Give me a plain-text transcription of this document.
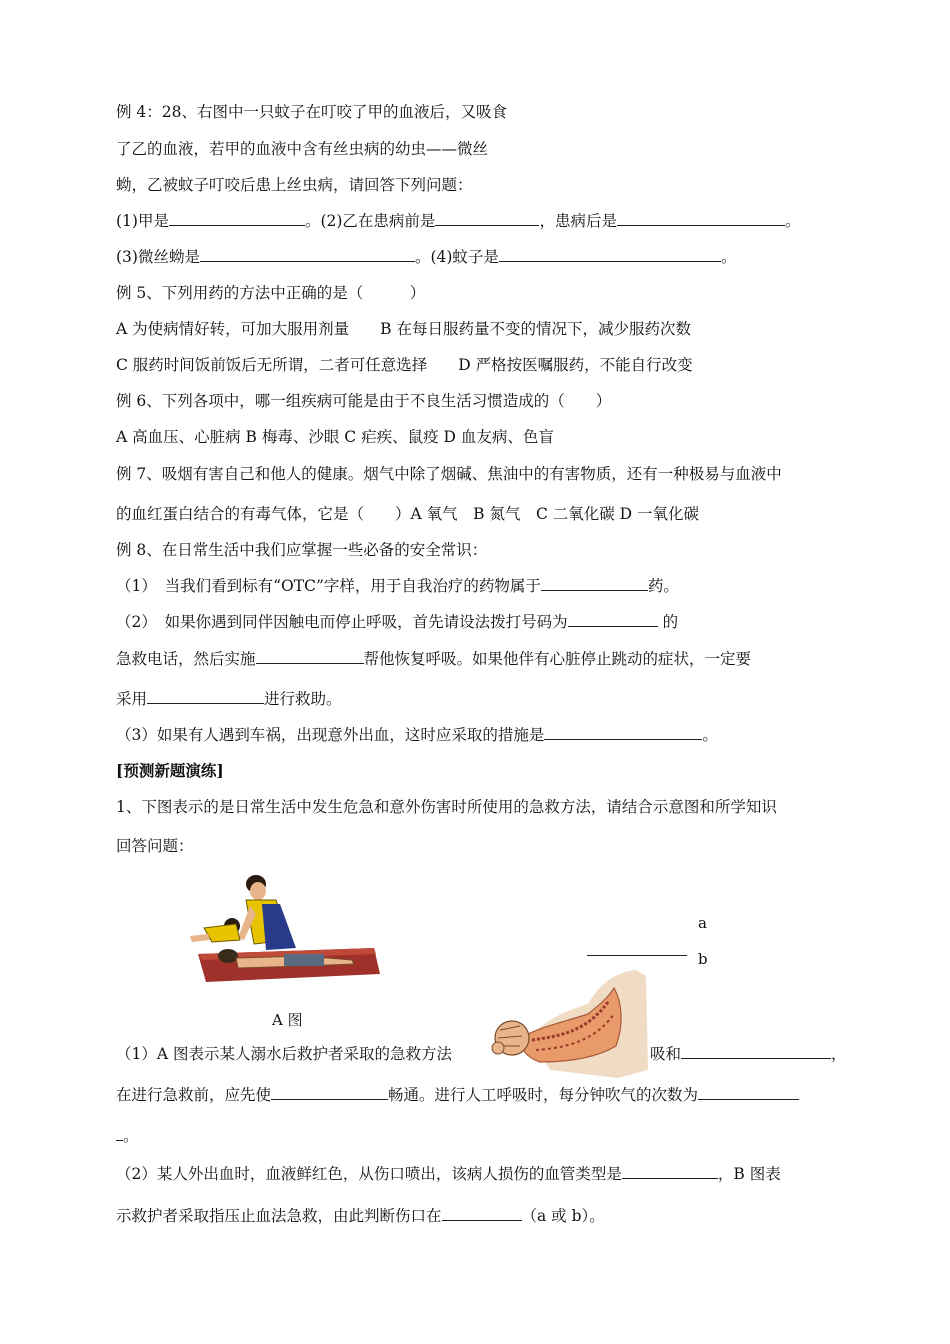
例 4：28、右图中一只蚊子在叮咬了甲的血液后，又吸食
了乙的血液，若甲的血液中含有丝虫病的幼虫——微丝
蚴，乙被蚊子叮咬后患上丝虫病，请回答下列问题：
(1)甲是	。(2)乙在患病前是	，患病后是	。
(3)微丝蚴是	。(4)蚊子是	。
例 5、下列用药的方法中正确的是（　　　）
A 为使病情好转，可加大服用剂量　　B 在每日服药量不变的情况下，减少服药次数
C 服药时间饭前饭后无所谓，二者可任意选择　　D 严格按医嘱服药，不能自行改变
例 6、下列各项中，哪一组疾病可能是由于不良生活习惯造成的（　　）
A 高血压、心脏病 B 梅毒、沙眼 C 疟疾、鼠疫 D 血友病、色盲
例 7、吸烟有害自己和他人的健康。烟气中除了烟碱、焦油中的有害物质，还有一种极易与血液中
的血红蛋白结合的有毒气体，它是（　　）A 氧气　B 氮气　C 二氧化碳 D 一氧化碳
例 8、在日常生活中我们应掌握一些必备的安全常识：
（1）　当我们看到标有“OTC”字样，用于自我治疗的药物属于	药。
（2）　如果你遇到同伴因触电而停止呼吸，首先请设法拨打号码为	的
急救电话，然后实施	帮他恢复呼吸。如果他伴有心脏停止跳动的症状，一定要
采用	进行救助。
（3）如果有人遇到车祸，出现意外出血，这时应采取的措施是	。
[预测新题演练]
1、下图表示的是日常生活中发生危急和意外伤害时所使用的急救方法，请结合示意图和所学知识
回答问题：
A 图
a
b
（1）A 图表示某人溺水后救护者采取的急救方法	吸和	，
在进行急救前，应先使	畅通。进行人工呼吸时，每分钟吹气的次数为
。
（2）某人外出血时，血液鲜红色，从伤口喷出，该病人损伤的血管类型是	，B 图表
示救护者采取指压止血法急救，由此判断伤口在	（a 或 b）。
